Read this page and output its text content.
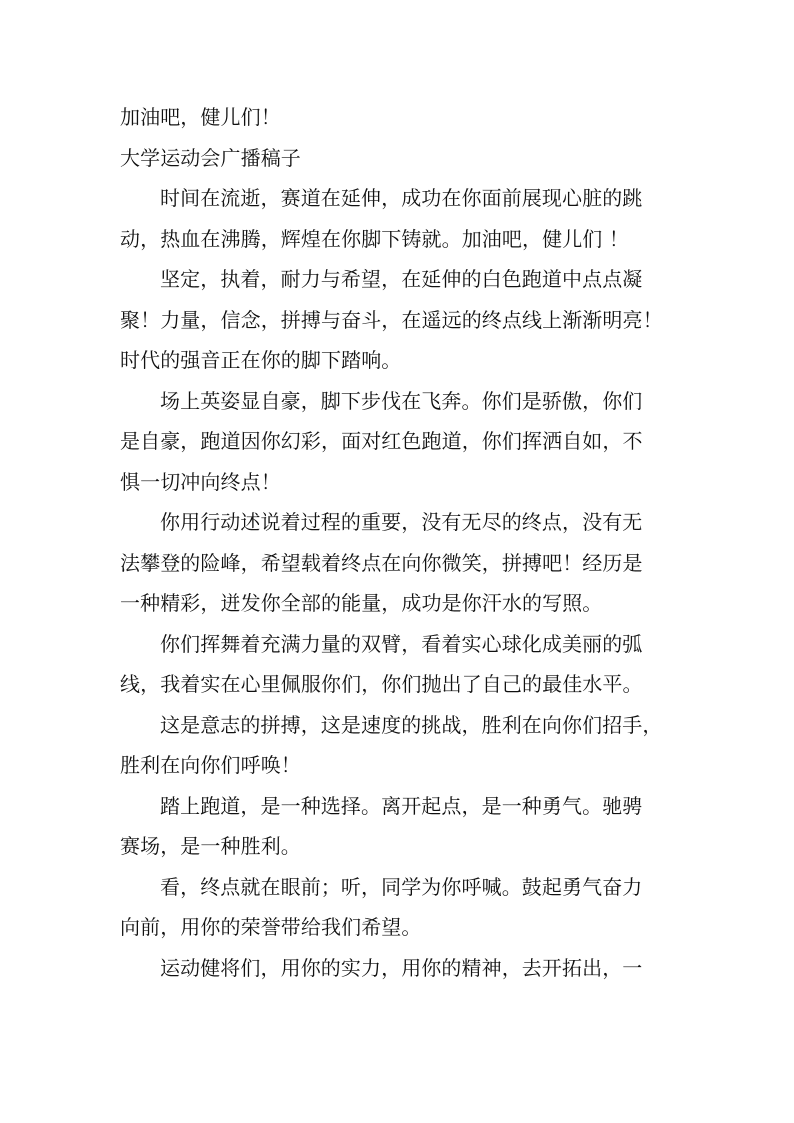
加油吧，健儿们！
大学运动会广播稿子
时间在流逝，赛道在延伸，成功在你面前展现心脏的跳
动，热血在沸腾，辉煌在你脚下铸就。加油吧，健儿们 ！
坚定，执着，耐力与希望，在延伸的白色跑道中点点凝
聚！力量，信念，拼搏与奋斗，在遥远的终点线上渐渐明亮！
时代的强音正在你的脚下踏响。
场上英姿显自豪，脚下步伐在飞奔。你们是骄傲，你们
是自豪，跑道因你幻彩，面对红色跑道，你们挥洒自如，不
惧一切冲向终点！
你用行动述说着过程的重要，没有无尽的终点，没有无
法攀登的险峰，希望载着终点在向你微笑，拼搏吧！经历是
一种精彩，迸发你全部的能量，成功是你汗水的写照。
你们挥舞着充满力量的双臂，看着实心球化成美丽的弧
线，我着实在心里佩服你们，你们抛出了自己的最佳水平。
这是意志的拼搏，这是速度的挑战，胜利在向你们招手，
胜利在向你们呼唤！
踏上跑道，是一种选择。离开起点，是一种勇气。驰骋
赛场，是一种胜利。
看，终点就在眼前；听，同学为你呼喊。鼓起勇气奋力
向前，用你的荣誉带给我们希望。
运动健将们，用你的实力，用你的精神，去开拓出，一
